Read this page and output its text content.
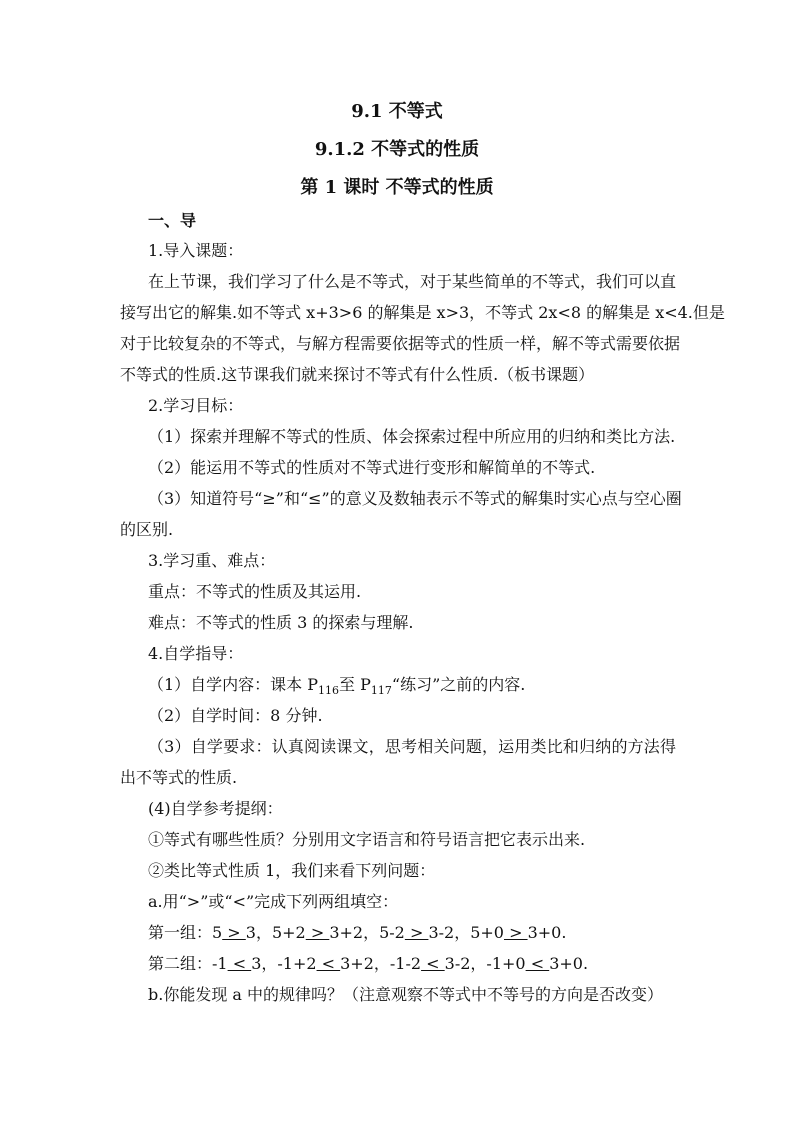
9.1 不等式
9.1.2 不等式的性质
第 1 课时 不等式的性质
一、导
1.导入课题：
在上节课，我们学习了什么是不等式，对于某些简单的不等式，我们可以直
接写出它的解集.如不等式 x+3>6 的解集是 x>3，不等式 2x<8 的解集是 x<4.但是
对于比较复杂的不等式，与解方程需要依据等式的性质一样，解不等式需要依据
不等式的性质.这节课我们就来探讨不等式有什么性质.（板书课题）
2.学习目标：
（1）探索并理解不等式的性质、体会探索过程中所应用的归纳和类比方法.
（2）能运用不等式的性质对不等式进行变形和解简单的不等式.
（3）知道符号“≥”和“≤”的意义及数轴表示不等式的解集时实心点与空心圈
的区别.
3.学习重、难点：
重点：不等式的性质及其运用.
难点：不等式的性质 3 的探索与理解.
4.自学指导：
（1）自学内容：课本 $P_{116}$至 $P_{117}“$练习”之前的内容.
（2）自学时间：8 分钟.
（3）自学要求：认真阅读课文，思考相关问题，运用类比和归纳的方法得
出不等式的性质.
(4)自学参考提纲：
①等式有哪些性质？分别用文字语言和符号语言把它表示出来.
②类比等式性质 1，我们来看下列问题：
a.用“>”或“<”完成下列两组填空：
第一组：5 > 3，5+2 > 3+2，5-2 > 3-2，5+0 > 3+0.
第二组：-1 < 3，-1+2 < 3+2，-1-2 < 3-2，-1+0 < 3+0.
b.你能发现 a 中的规律吗？（注意观察不等式中不等号的方向是否改变）
